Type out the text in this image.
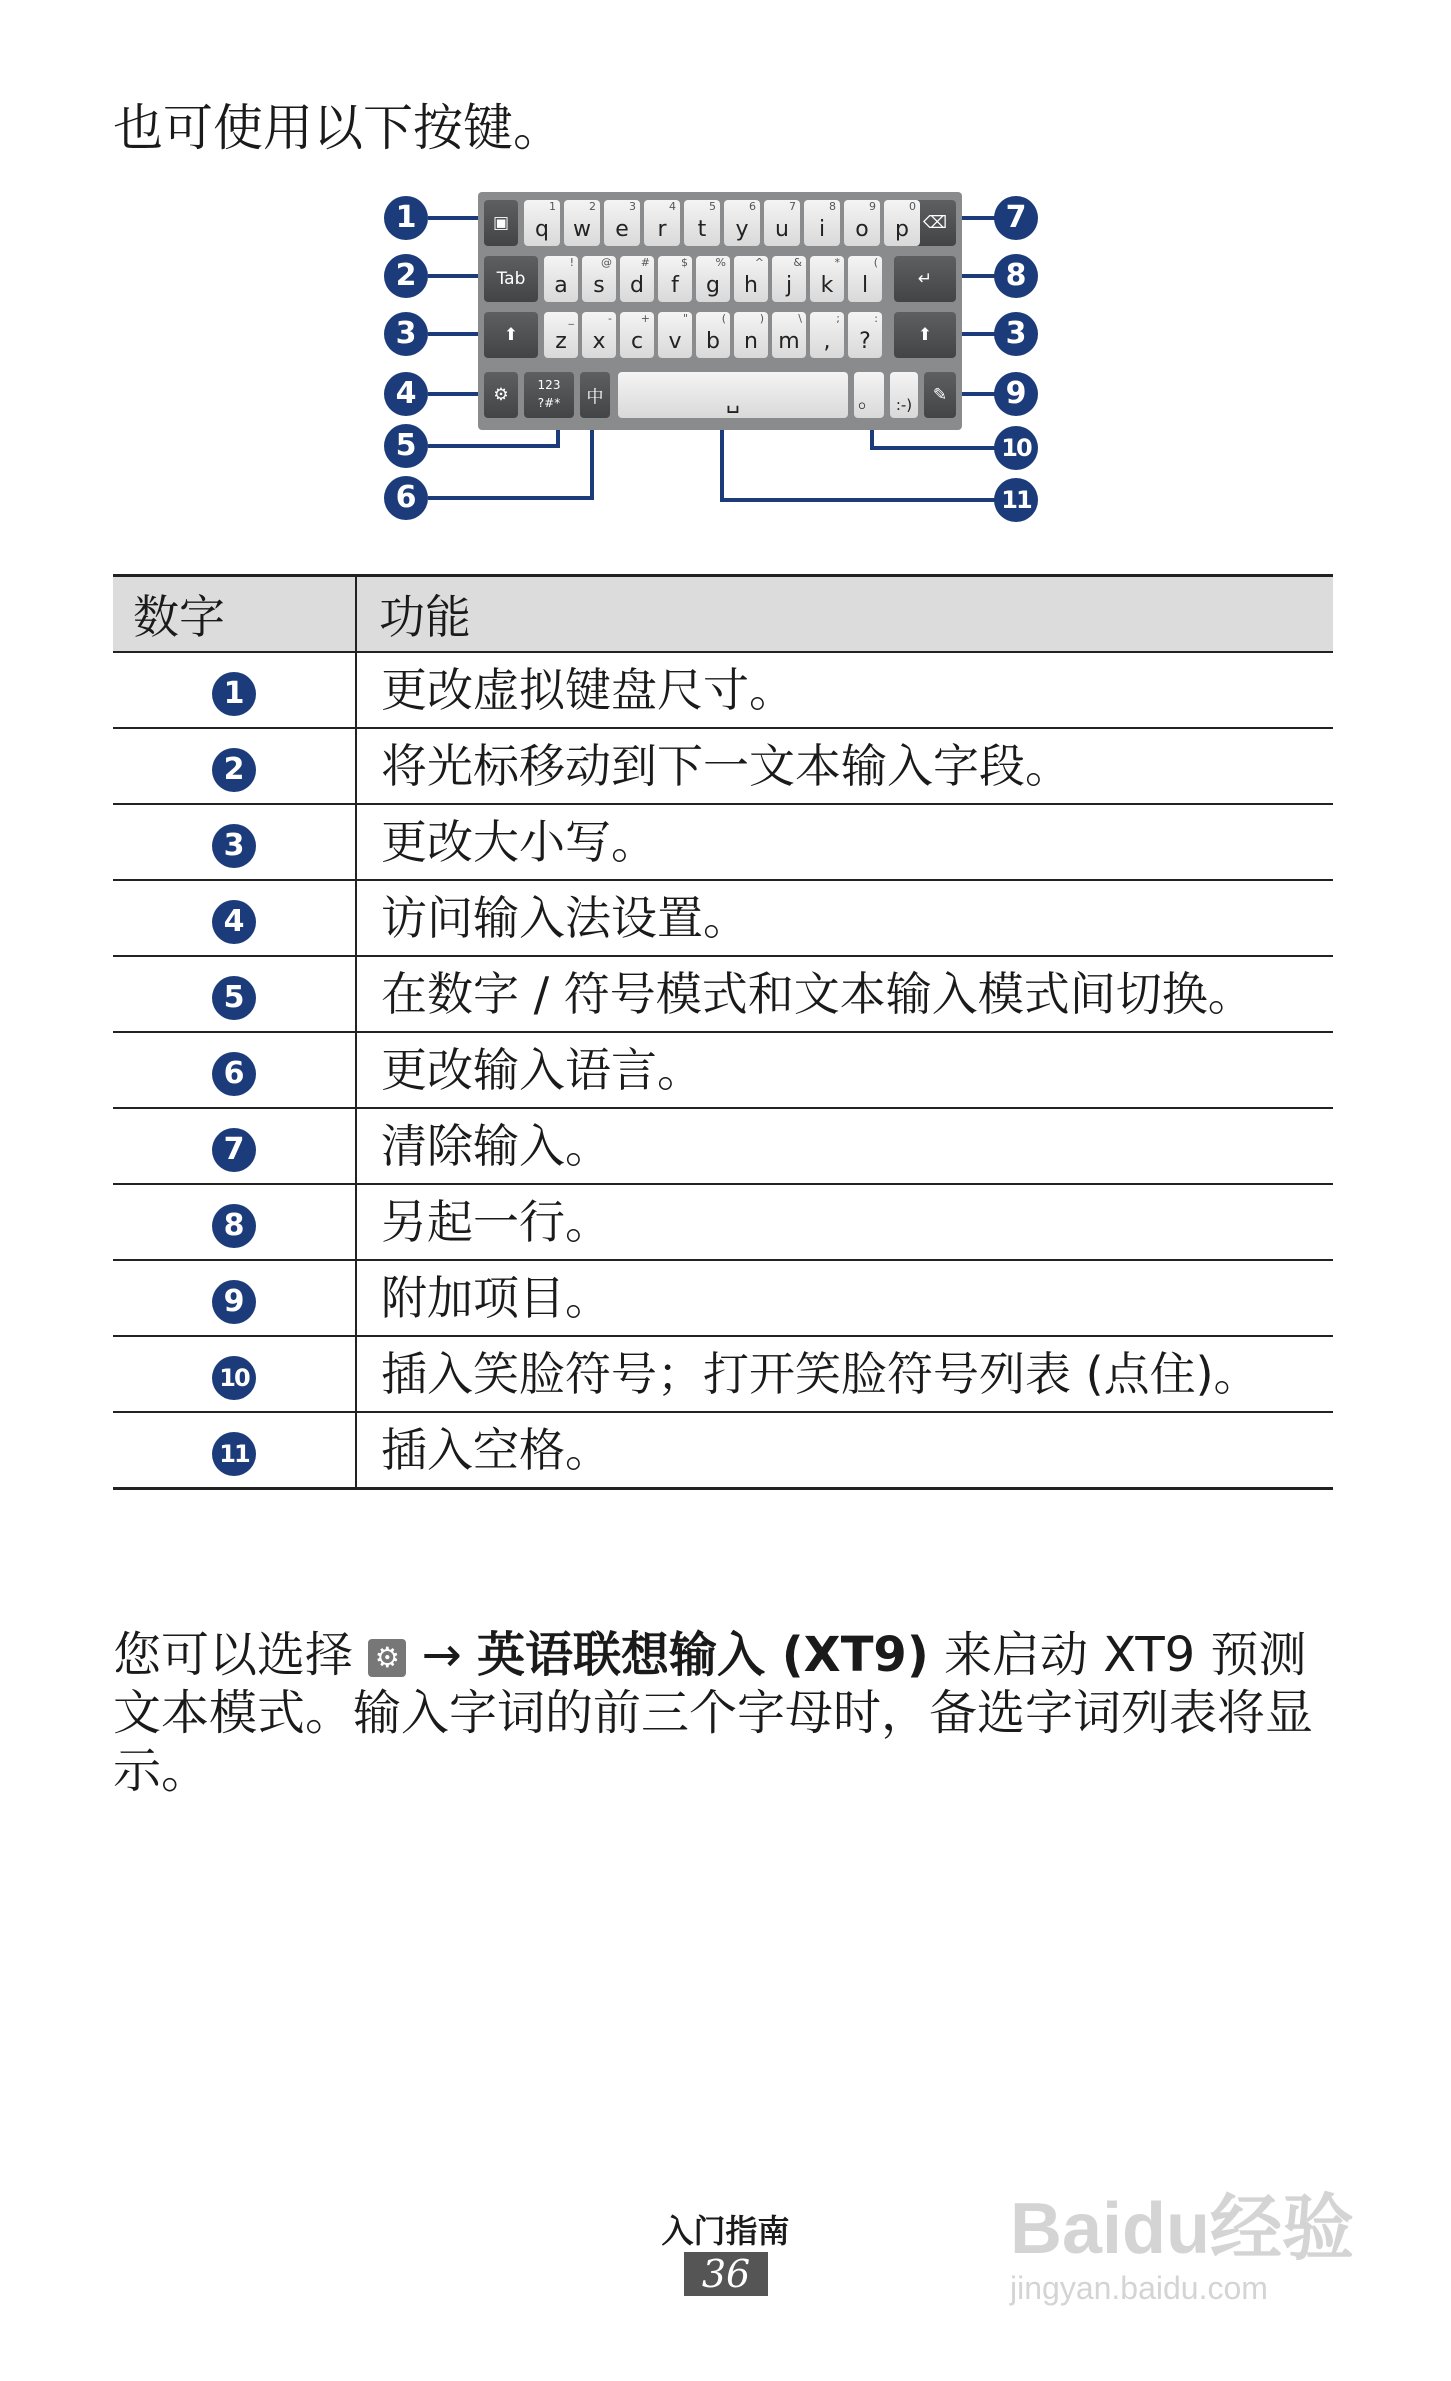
也可使用以下按键。
▣	⌫
Tab	↵
⬆	⬆
⚙	123
?#*	中	␣	。	:-)	✎
1
q
2
w
3
e
4
r
5
t
6
y
7
u
8
i
9
o
0
p
!
a
@
s
#
d
$
f
%
g
^
h
&
j
*
k
(
l
_
z
-
x
+
c
"
v
(
b
)
n
\
m
;
,
:
?
1
2
3
4
5
6
7
8
3
9
10
11
数字	功能
1	更改虚拟键盘尺寸。
2	将光标移动到下一文本输入字段。
3	更改大小写。
4	访问输入法设置。
5	在数字 / 符号模式和文本输入模式间切换。
6	更改输入语言。
7	清除输入。
8	另起一行。
9	附加项目。
10	插入笑脸符号；打开笑脸符号列表 (点住)。
11	插入空格。
您可以选择 ⚙ → 英语联想输入 (XT9) 来启动 XT9 预测文本模式。输入字词的前三个字母时，备选字词列表将显示。
入门指南
36
Baidu经验
jingyan.baidu.com
